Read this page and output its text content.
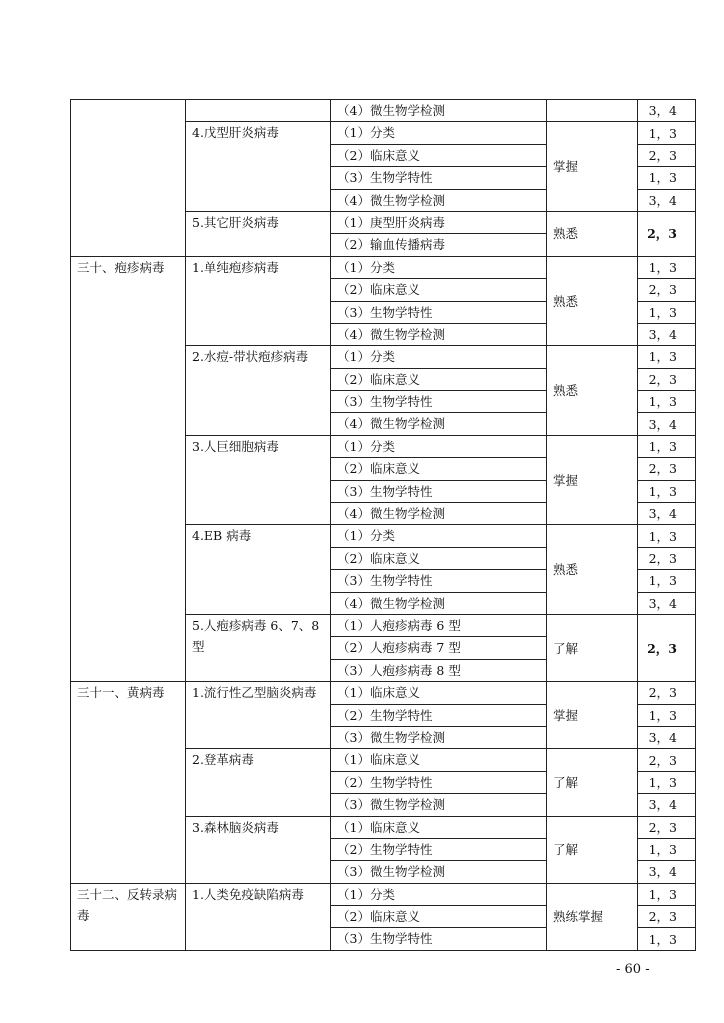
		（4）微生物学检测		3，4
	4.戊型肝炎病毒	（1）分类	掌握	1，3
		（2）临床意义		2，3
		（3）生物学特性		1，3
		（4）微生物学检测		3，4
	5.其它肝炎病毒	（1）庚型肝炎病毒	熟悉	2，3
		（2）输血传播病毒		
三十、疱疹病毒	1.单纯疱疹病毒	（1）分类	熟悉	1，3
		（2）临床意义		2，3
		（3）生物学特性		1，3
		（4）微生物学检测		3，4
	2.水痘-带状疱疹病毒	（1）分类	熟悉	1，3
		（2）临床意义		2，3
		（3）生物学特性		1，3
		（4）微生物学检测		3，4
	3.人巨细胞病毒	（1）分类	掌握	1，3
		（2）临床意义		2，3
		（3）生物学特性		1，3
		（4）微生物学检测		3，4
	4.EB 病毒	（1）分类	熟悉	1，3
		（2）临床意义		2，3
		（3）生物学特性		1，3
		（4）微生物学检测		3，4
	5.人疱疹病毒 6、7、8 型	（1）人疱疹病毒 6 型	了解	2，3
		（2）人疱疹病毒 7 型		
		（3）人疱疹病毒 8 型		
三十一、黄病毒	1.流行性乙型脑炎病毒	（1）临床意义	掌握	2，3
		（2）生物学特性		1，3
		（3）微生物学检测		3，4
	2.登革病毒	（1）临床意义	了解	2，3
		（2）生物学特性		1，3
		（3）微生物学检测		3，4
	3.森林脑炎病毒	（1）临床意义	了解	2，3
		（2）生物学特性		1，3
		（3）微生物学检测		3，4
三十二、反转录病毒	1.人类免疫缺陷病毒	（1）分类	熟练掌握	1，3
		（2）临床意义		2，3
		（3）生物学特性		1，3
- 60 -
